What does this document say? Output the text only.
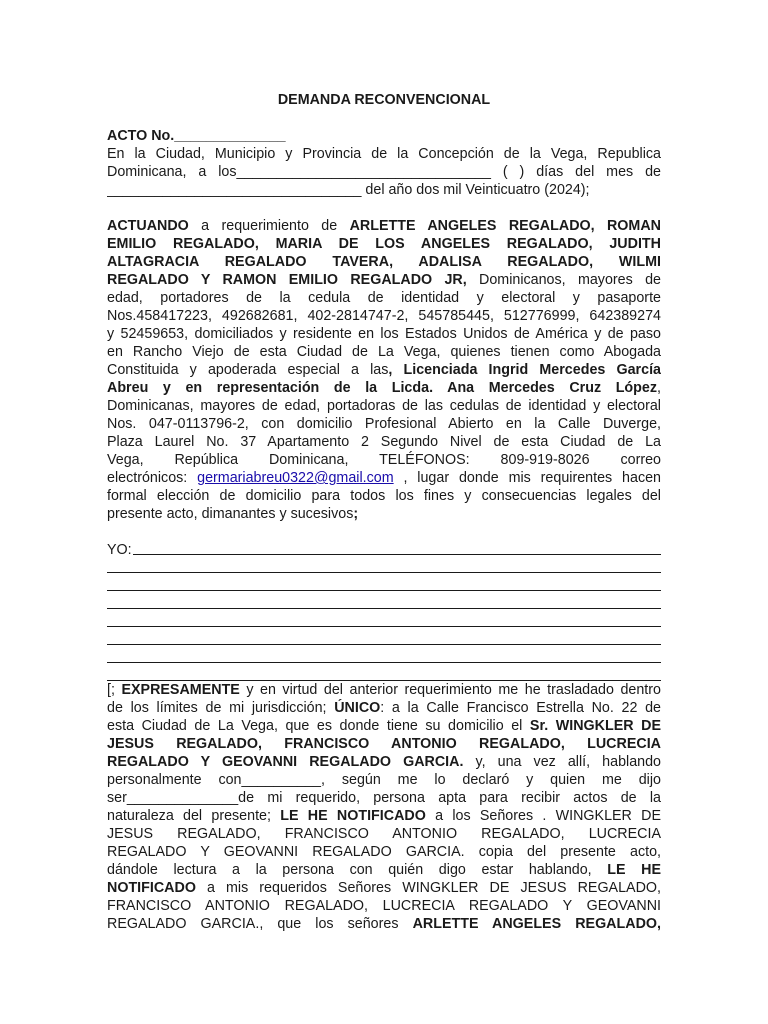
DEMANDA RECONVENCIONAL
ACTO No.______________
En la Ciudad, Municipio y Provincia de la Concepción de la Vega, Republica
Dominicana, a los________________________________ ( ) días del mes de
________________________________ del año dos mil Veinticuatro (2024);
ACTUANDO a requerimiento de ARLETTE ANGELES REGALADO, ROMAN
EMILIO REGALADO, MARIA DE LOS ANGELES REGALADO, JUDITH
ALTAGRACIA REGALADO TAVERA, ADALISA REGALADO, WILMI
REGALADO Y RAMON EMILIO REGALADO JR, Dominicanos, mayores de
edad, portadores de la cedula de identidad y electoral y pasaporte
Nos.458417223, 492682681, 402-2814747-2, 545785445, 512776999, 642389274
y 52459653, domiciliados y residente en los Estados Unidos de América y de paso
en Rancho Viejo de esta Ciudad de La Vega, quienes tienen como Abogada
Constituida y apoderada especial a las, Licenciada Ingrid Mercedes García
Abreu y en representación de la Licda. Ana Mercedes Cruz López,
Dominicanas, mayores de edad, portadoras de las cedulas de identidad y electoral
Nos. 047-0113796-2, con domicilio Profesional Abierto en la Calle Duverge,
Plaza Laurel No. 37 Apartamento 2 Segundo Nivel de esta Ciudad de La
Vega, República Dominicana, TELÉFONOS: 809-919-8026 correo
electrónicos: germariabreu0322@gmail.com , lugar donde mis requirentes hacen
formal elección de domicilio para todos los fines y consecuencias legales del
presente acto, dimanantes y sucesivos;
YO:
[; EXPRESAMENTE y en virtud del anterior requerimiento me he trasladado dentro
de los límites de mi jurisdicción; ÚNICO: a la Calle Francisco Estrella No. 22 de
esta Ciudad de La Vega, que es donde tiene su domicilio el Sr. WINGKLER DE
JESUS REGALADO, FRANCISCO ANTONIO REGALADO, LUCRECIA
REGALADO Y GEOVANNI REGALADO GARCIA. y, una vez allí, hablando
personalmente con__________, según me lo declaró y quien me dijo
ser______________de mi requerido, persona apta para recibir actos de la
naturaleza del presente; LE HE NOTIFICADO a los Señores . WINGKLER DE
JESUS REGALADO, FRANCISCO ANTONIO REGALADO, LUCRECIA
REGALADO Y GEOVANNI REGALADO GARCIA. copia del presente acto,
dándole lectura a la persona con quién digo estar hablando, LE HE
NOTIFICADO a mis requeridos Señores WINGKLER DE JESUS REGALADO,
FRANCISCO ANTONIO REGALADO, LUCRECIA REGALADO Y GEOVANNI
REGALADO GARCIA., que los señores ARLETTE ANGELES REGALADO,
